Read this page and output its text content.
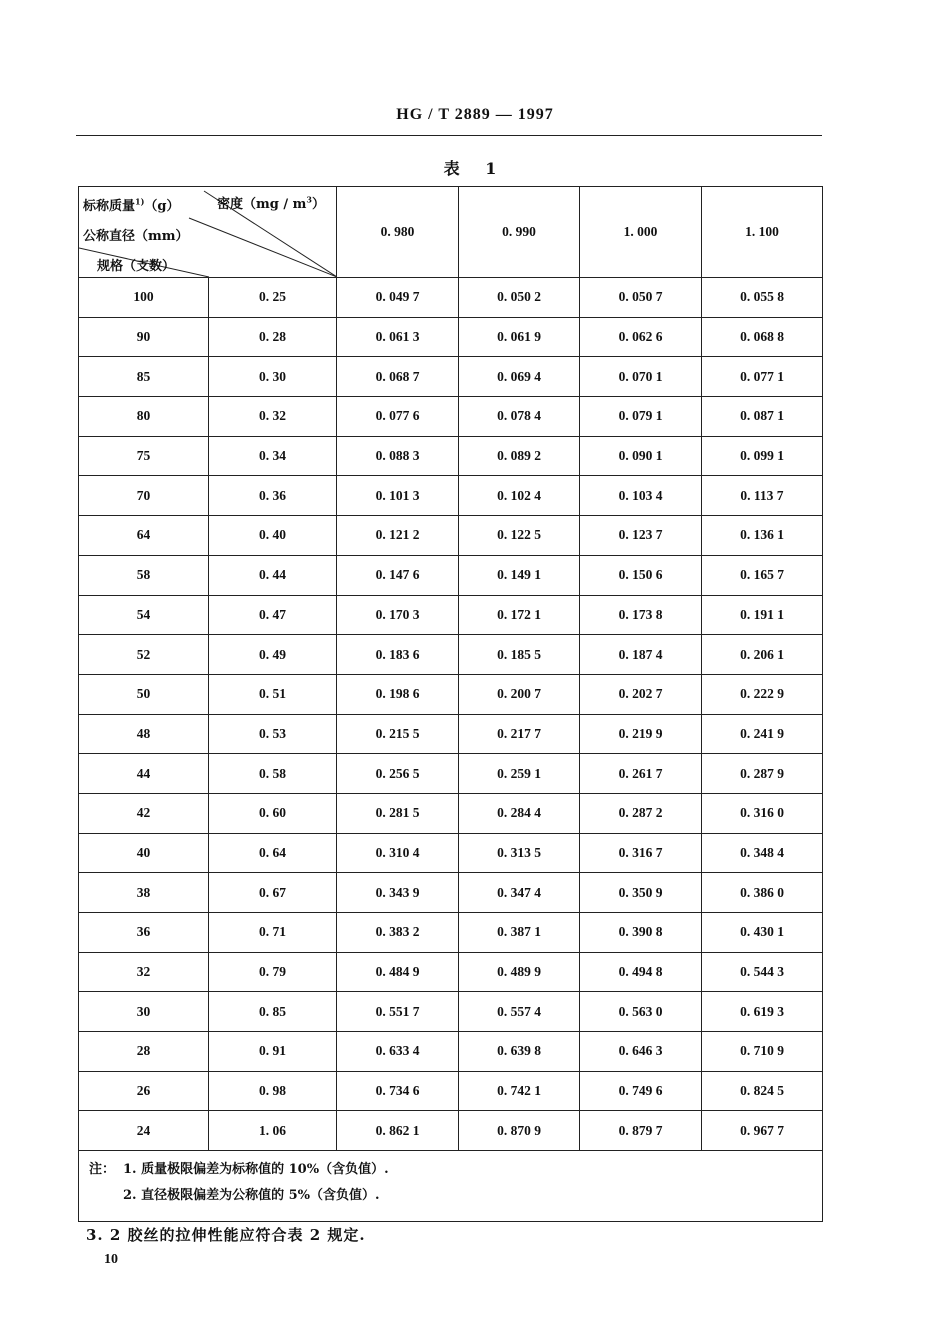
HG / T 2889 — 1997
表 1
标称质量$^{1)}$（g） 密度$(mg / m^3)$
公称直径（mm）
规格（支数）		0. 980	0. 990	1. 000	1. 100
100	0. 25	0. 049 7	0. 050 2	0. 050 7	0. 055 8
90	0. 28	0. 061 3	0. 061 9	0. 062 6	0. 068 8
85	0. 30	0. 068 7	0. 069 4	0. 070 1	0. 077 1
80	0. 32	0. 077 6	0. 078 4	0. 079 1	0. 087 1
75	0. 34	0. 088 3	0. 089 2	0. 090 1	0. 099 1
70	0. 36	0. 101 3	0. 102 4	0. 103 4	0. 113 7
64	0. 40	0. 121 2	0. 122 5	0. 123 7	0. 136 1
58	0. 44	0. 147 6	0. 149 1	0. 150 6	0. 165 7
54	0. 47	0. 170 3	0. 172 1	0. 173 8	0. 191 1
52	0. 49	0. 183 6	0. 185 5	0. 187 4	0. 206 1
50	0. 51	0. 198 6	0. 200 7	0. 202 7	0. 222 9
48	0. 53	0. 215 5	0. 217 7	0. 219 9	0. 241 9
44	0. 58	0. 256 5	0. 259 1	0. 261 7	0. 287 9
42	0. 60	0. 281 5	0. 284 4	0. 287 2	0. 316 0
40	0. 64	0. 310 4	0. 313 5	0. 316 7	0. 348 4
38	0. 67	0. 343 9	0. 347 4	0. 350 9	0. 386 0
36	0. 71	0. 383 2	0. 387 1	0. 390 8	0. 430 1
32	0. 79	0. 484 9	0. 489 9	0. 494 8	0. 544 3
30	0. 85	0. 551 7	0. 557 4	0. 563 0	0. 619 3
28	0. 91	0. 633 4	0. 639 8	0. 646 3	0. 710 9
26	0. 98	0. 734 6	0. 742 1	0. 749 6	0. 824 5
24	1. 06	0. 862 1	0. 870 9	0. 879 7	0. 967 7

注： 1. 质量极限偏差为标称值的 10%（含负值）.
2. 直径极限偏差为公称值的 5%（含负值）.					
3. 2 胶丝的拉伸性能应符合表 2 规定.
10
